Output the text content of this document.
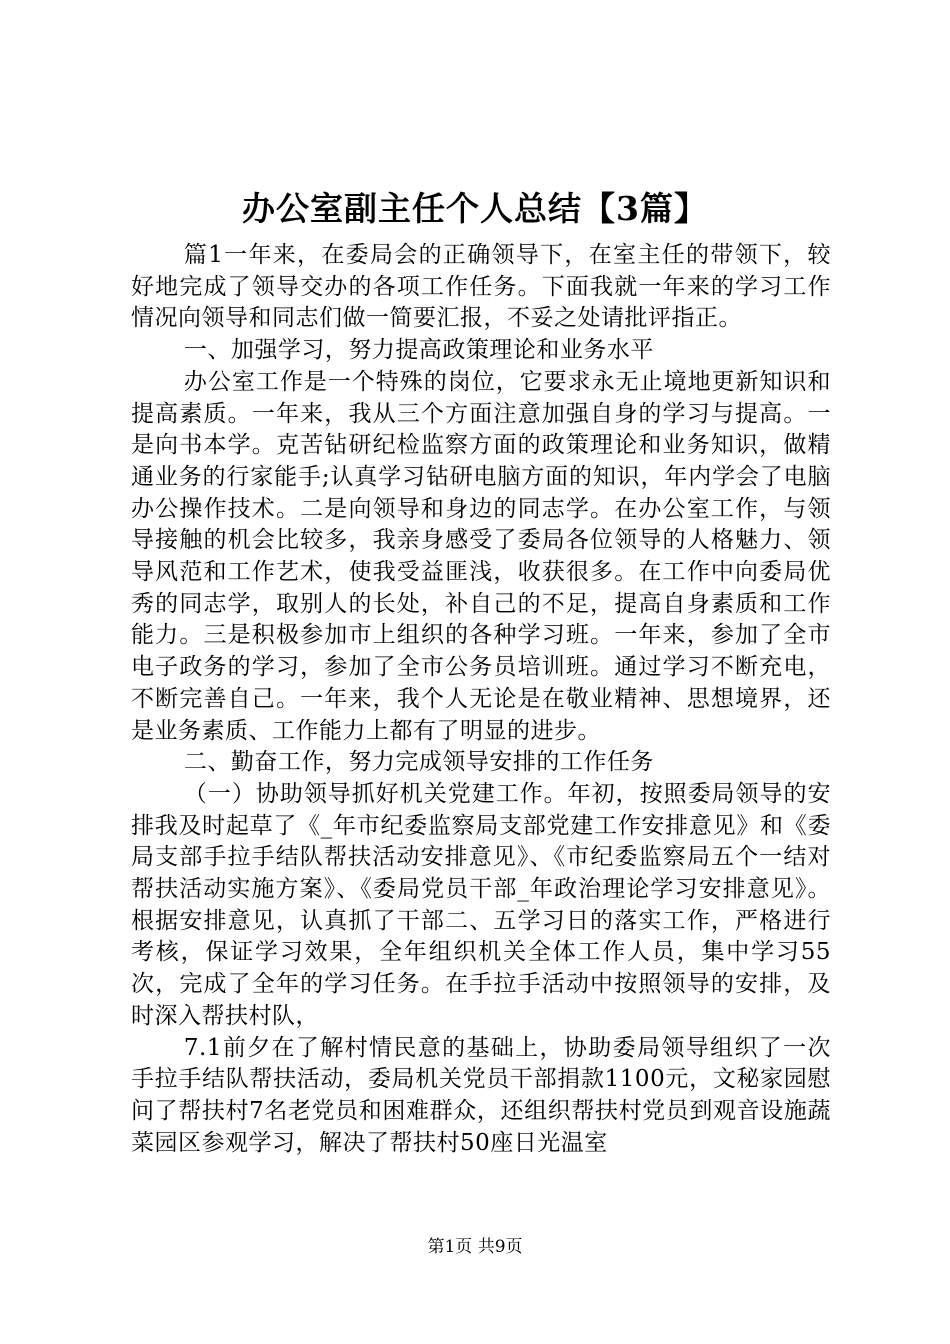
办公室副主任个人总结【3篇】

篇1一年来，在委局会的正确领导下，在室主任的带领下，较好地完成了领导交办的各项工作任务。下面我就一年来的学习工作情况向领导和同志们做一简要汇报，不妥之处请批评指正。

一、加强学习，努力提高政策理论和业务水平

办公室工作是一个特殊的岗位，它要求永无止境地更新知识和提高素质。一年来，我从三个方面注意加强自身的学习与提高。一是向书本学。克苦钻研纪检监察方面的政策理论和业务知识，做精通业务的行家能手;认真学习钻研电脑方面的知识，年内学会了电脑办公操作技术。二是向领导和身边的同志学。在办公室工作，与领导接触的机会比较多，我亲身感受了委局各位领导的人格魅力、领导风范和工作艺术，使我受益匪浅，收获很多。在工作中向委局优秀的同志学，取别人的长处，补自己的不足，提高自身素质和工作能力。三是积极参加市上组织的各种学习班。一年来，参加了全市电子政务的学习，参加了全市公务员培训班。通过学习不断充电，不断完善自己。一年来，我个人无论是在敬业精神、思想境界，还是业务素质、工作能力上都有了明显的进步。

二、勤奋工作，努力完成领导安排的工作任务

（一）协助领导抓好机关党建工作。年初，按照委局领导的安排我及时起草了《_年市纪委监察局支部党建工作安排意见》和《委局支部手拉手结队帮扶活动安排意见》、《市纪委监察局五个一结对帮扶活动实施方案》、《委局党员干部_年政治理论学习安排意见》。根据安排意见，认真抓了干部二、五学习日的落实工作，严格进行考核，保证学习效果，全年组织机关全体工作人员，集中学习55次，完成了全年的学习任务。在手拉手活动中按照领导的安排，及时深入帮扶村队，

7.1前夕在了解村情民意的基础上，协助委局领导组织了一次手拉手结队帮扶活动，委局机关党员干部捐款1100元，文秘家园慰问了帮扶村7名老党员和困难群众，还组织帮扶村党员到观音设施蔬菜园区参观学习，解决了帮扶村50座日光温室

第1页 共9页
